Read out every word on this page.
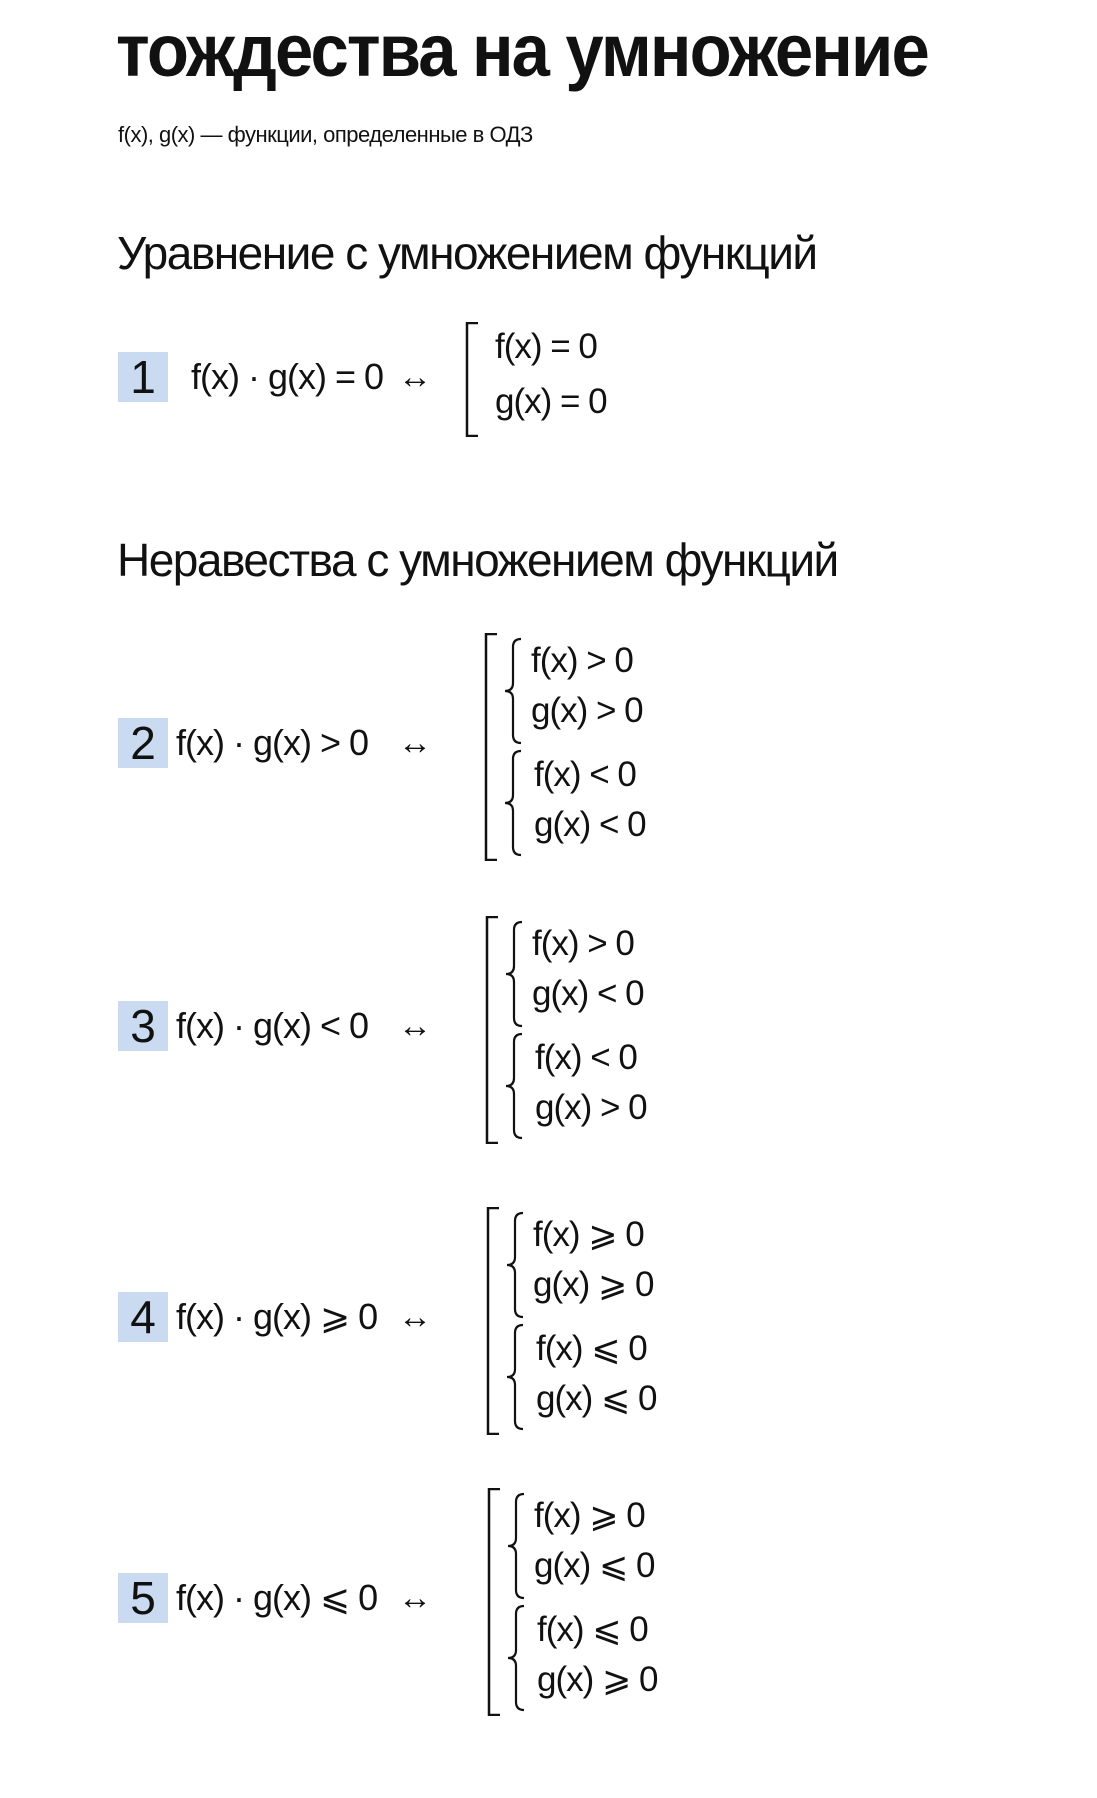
тождества на умножение
f(x), g(x) — функции, определенные в ОДЗ
Уравнение с умножением функций
Неравества с умножением функций
1 f(x) · g(x) = 0 ↔
f(x) = 0
g(x) = 0
2 f(x) · g(x) > 0 ↔
f(x) > 0
g(x) > 0
f(x) < 0
g(x) < 0
3 f(x) · g(x) < 0 ↔
f(x) > 0
g(x) < 0
f(x) < 0
g(x) > 0
4 f(x) · g(x) ⩾ 0 ↔
f(x) ⩾ 0
g(x) ⩾ 0
f(x) ⩽ 0
g(x) ⩽ 0
5 f(x) · g(x) ⩽ 0 ↔
f(x) ⩾ 0
g(x) ⩽ 0
f(x) ⩽ 0
g(x) ⩾ 0
